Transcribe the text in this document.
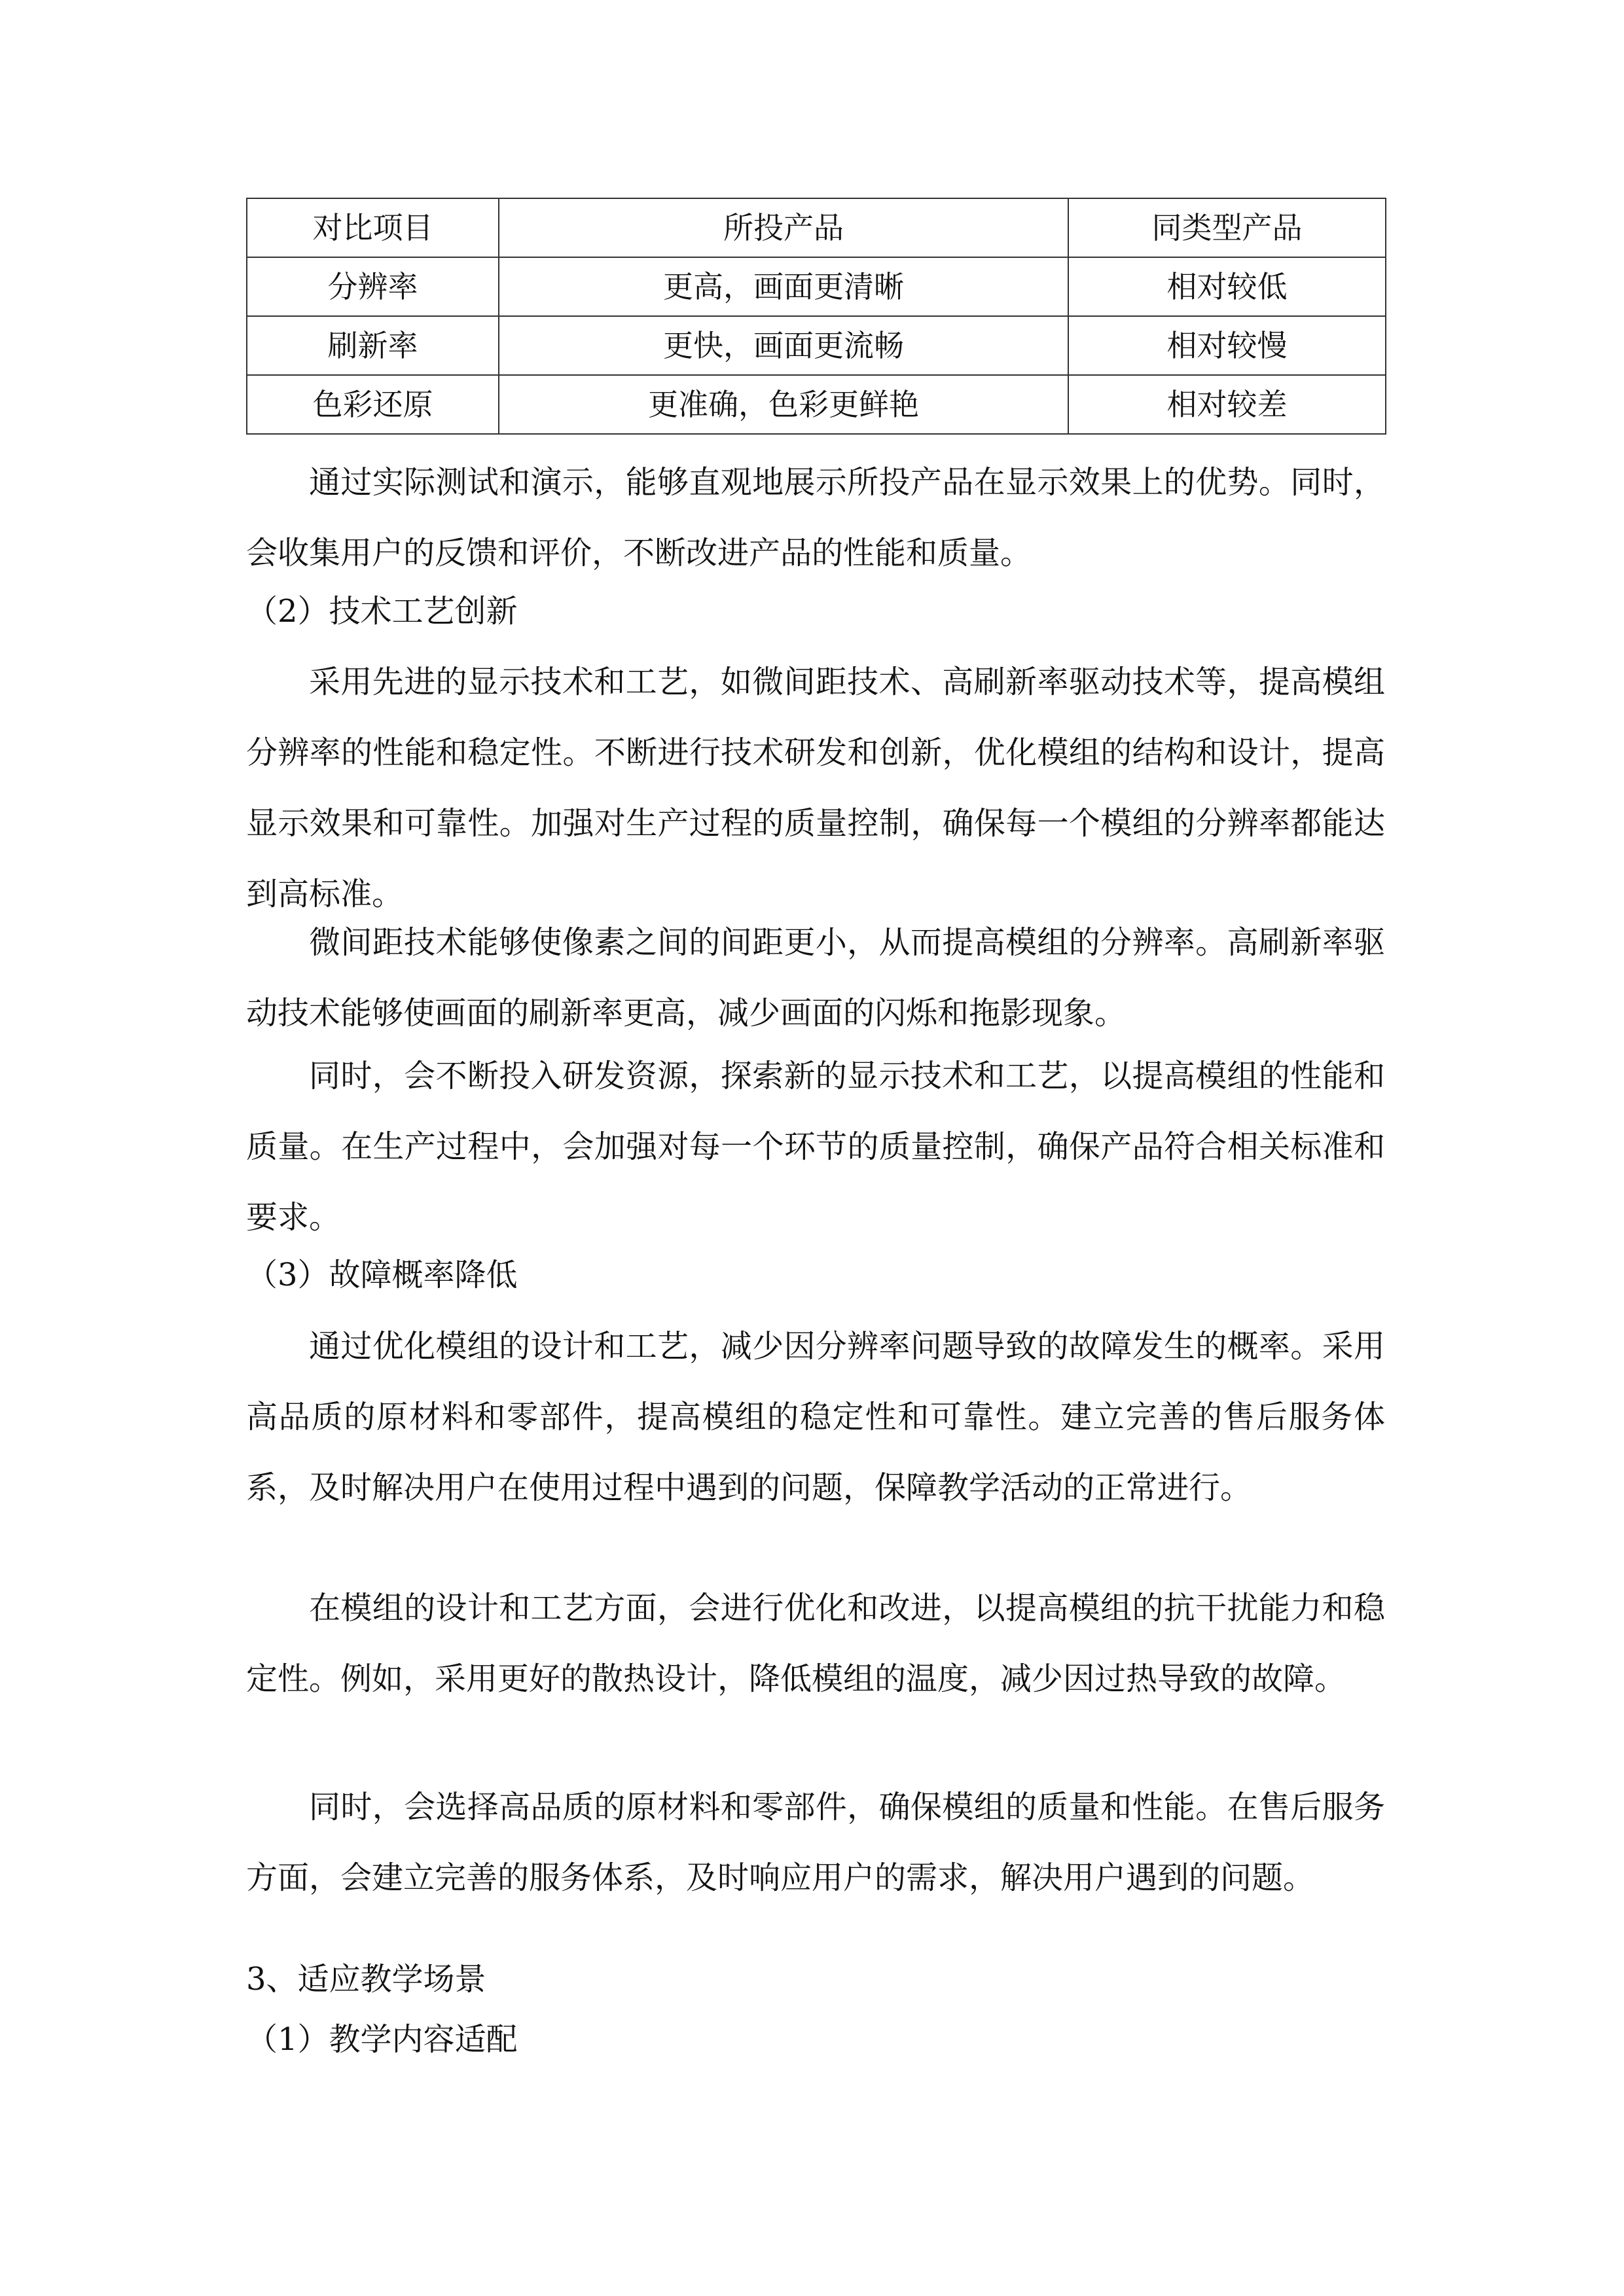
对比项目	所投产品	同类型产品
分辨率	更高，画面更清晰	相对较低
刷新率	更快，画面更流畅	相对较慢
色彩还原	更准确，色彩更鲜艳	相对较差

通过实际测试和演示，能够直观地展示所投产品在显示效果上的优势。同时，会收集用户的反馈和评价，不断改进产品的性能和质量。

（2）技术工艺创新

采用先进的显示技术和工艺，如微间距技术、高刷新率驱动技术等，提高模组分辨率的性能和稳定性。不断进行技术研发和创新，优化模组的结构和设计，提高显示效果和可靠性。加强对生产过程的质量控制，确保每一个模组的分辨率都能达到高标准。

微间距技术能够使像素之间的间距更小，从而提高模组的分辨率。高刷新率驱动技术能够使画面的刷新率更高，减少画面的闪烁和拖影现象。

同时，会不断投入研发资源，探索新的显示技术和工艺，以提高模组的性能和质量。在生产过程中，会加强对每一个环节的质量控制，确保产品符合相关标准和要求。

（3）故障概率降低

通过优化模组的设计和工艺，减少因分辨率问题导致的故障发生的概率。采用高品质的原材料和零部件，提高模组的稳定性和可靠性。建立完善的售后服务体系，及时解决用户在使用过程中遇到的问题，保障教学活动的正常进行。

在模组的设计和工艺方面，会进行优化和改进，以提高模组的抗干扰能力和稳定性。例如，采用更好的散热设计，降低模组的温度，减少因过热导致的故障。

同时，会选择高品质的原材料和零部件，确保模组的质量和性能。在售后服务方面，会建立完善的服务体系，及时响应用户的需求，解决用户遇到的问题。

3、适应教学场景

（1）教学内容适配
